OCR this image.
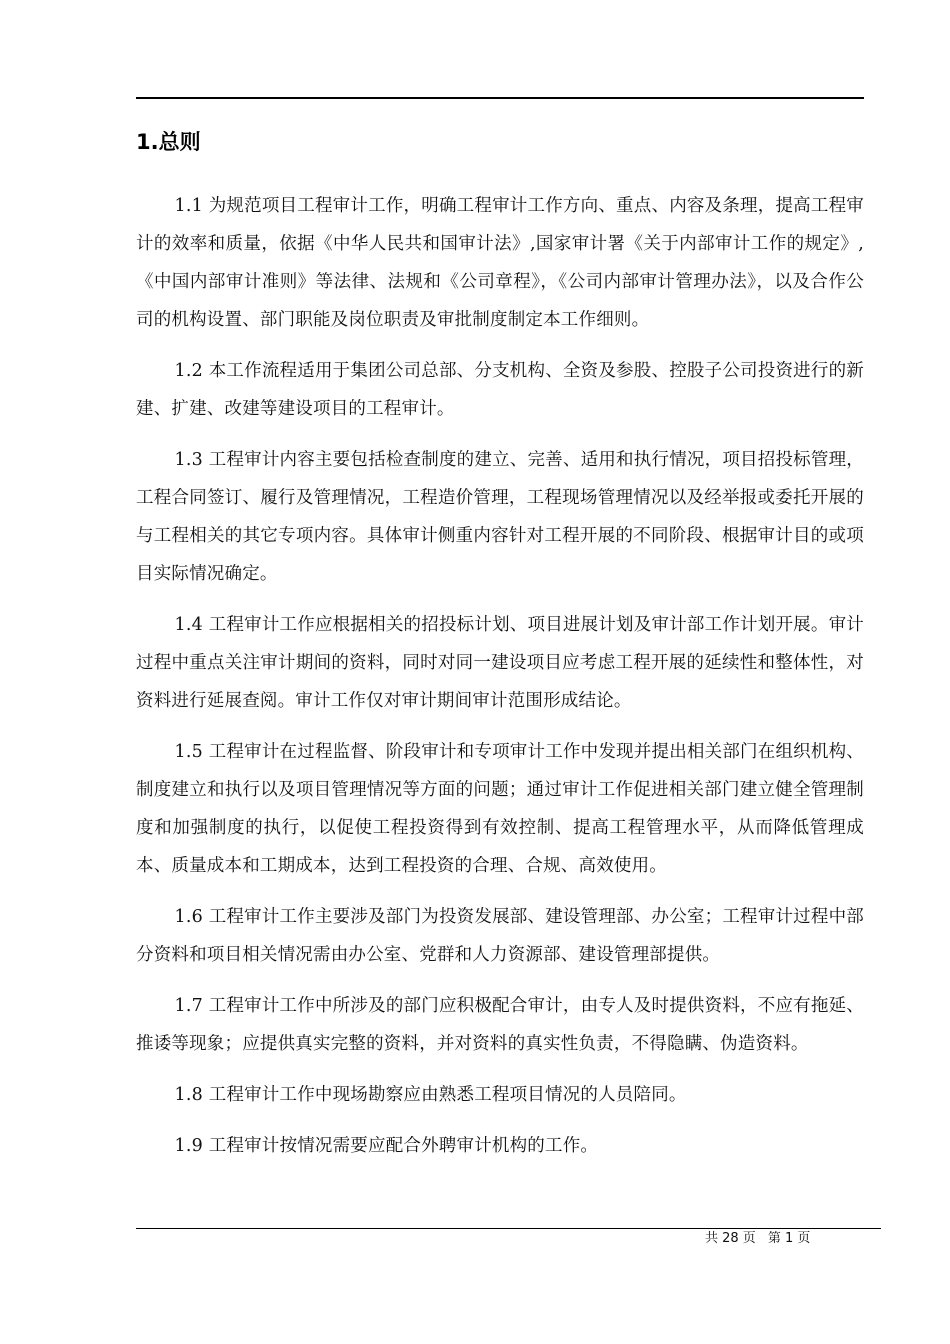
1.总则

1.1 为规范项目工程审计工作，明确工程审计工作方向、重点、内容及条理，提高工程审计的效率和质量，依据《中华人民共和国审计法》,国家审计署《关于内部审计工作的规定》,《中国内部审计准则》等法律、法规和《公司章程》，《公司内部审计管理办法》，以及合作公司的机构设置、部门职能及岗位职责及审批制度制定本工作细则。

1.2 本工作流程适用于集团公司总部、分支机构、全资及参股、控股子公司投资进行的新建、扩建、改建等建设项目的工程审计。

1.3 工程审计内容主要包括检查制度的建立、完善、适用和执行情况，项目招投标管理，工程合同签订、履行及管理情况，工程造价管理，工程现场管理情况以及经举报或委托开展的与工程相关的其它专项内容。具体审计侧重内容针对工程开展的不同阶段、根据审计目的或项目实际情况确定。

1.4 工程审计工作应根据相关的招投标计划、项目进展计划及审计部工作计划开展。审计过程中重点关注审计期间的资料，同时对同一建设项目应考虑工程开展的延续性和整体性，对资料进行延展查阅。审计工作仅对审计期间审计范围形成结论。

1.5 工程审计在过程监督、阶段审计和专项审计工作中发现并提出相关部门在组织机构、制度建立和执行以及项目管理情况等方面的问题；通过审计工作促进相关部门建立健全管理制度和加强制度的执行，以促使工程投资得到有效控制、提高工程管理水平，从而降低管理成本、质量成本和工期成本，达到工程投资的合理、合规、高效使用。

1.6 工程审计工作主要涉及部门为投资发展部、建设管理部、办公室；工程审计过程中部分资料和项目相关情况需由办公室、党群和人力资源部、建设管理部提供。

1.7 工程审计工作中所涉及的部门应积极配合审计，由专人及时提供资料，不应有拖延、推诿等现象；应提供真实完整的资料，并对资料的真实性负责，不得隐瞒、伪造资料。

1.8 工程审计工作中现场勘察应由熟悉工程项目情况的人员陪同。

1.9 工程审计按情况需要应配合外聘审计机构的工作。

共 28 页 第 1 页
